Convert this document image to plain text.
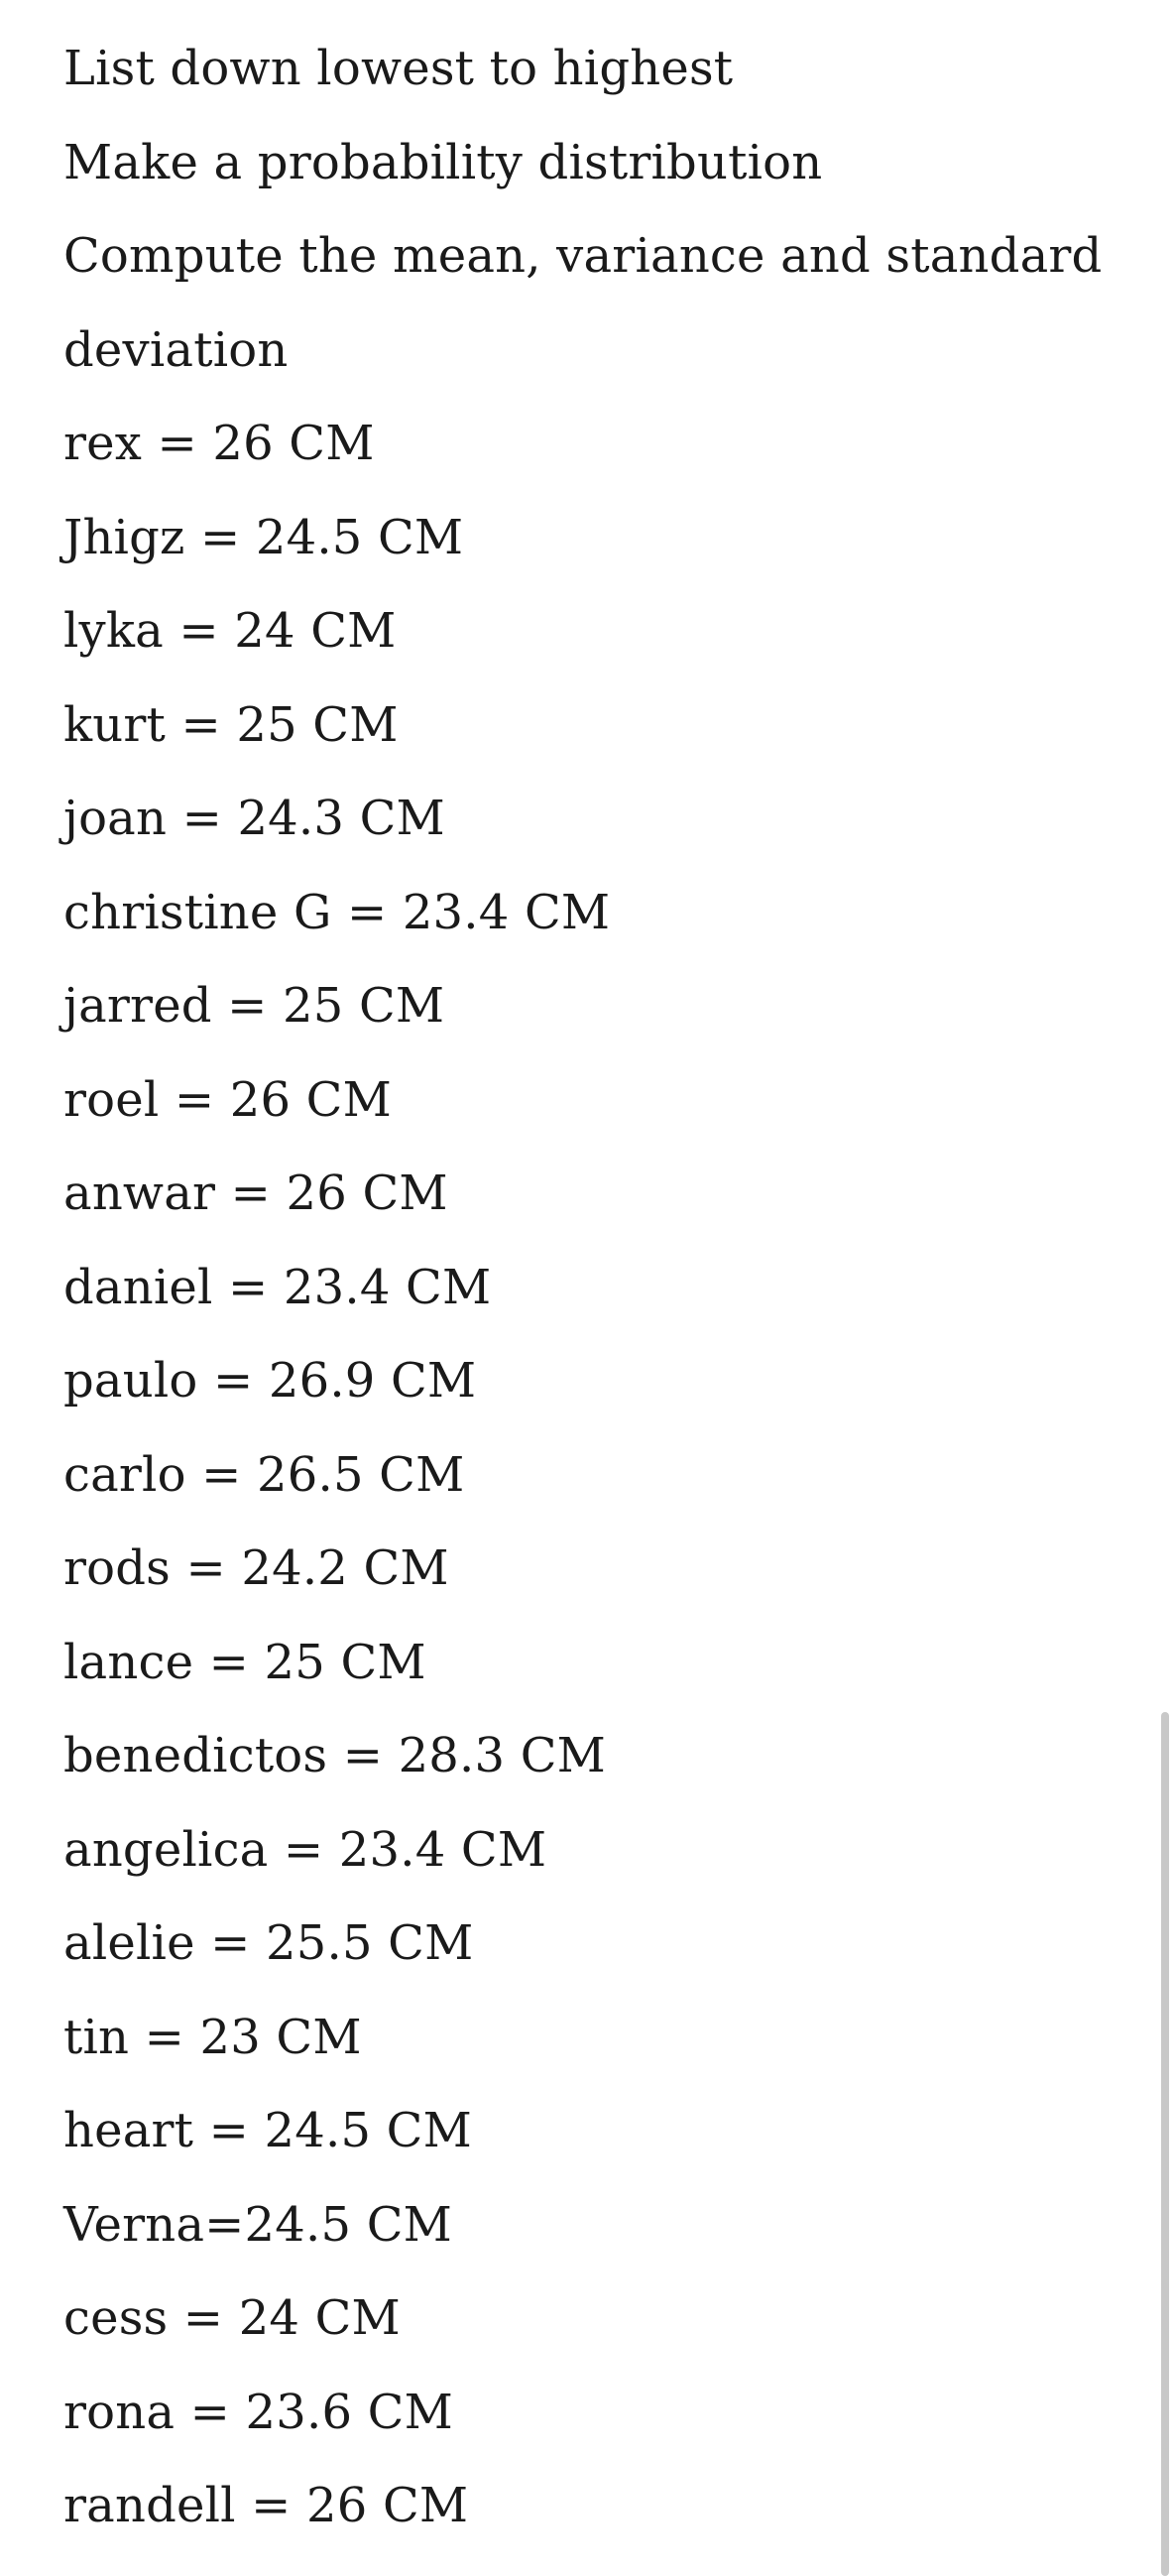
List down lowest to highest
Make a probability distribution
Compute the mean, variance and standard
deviation
rex = 26 CM
Jhigz = 24.5 CM
lyka = 24 CM
kurt = 25 CM
joan = 24.3 CM
christine G = 23.4 CM
jarred = 25 CM
roel = 26 CM
anwar = 26 CM
daniel = 23.4 CM
paulo = 26.9 CM
carlo = 26.5 CM
rods = 24.2 CM
lance = 25 CM
benedictos = 28.3 CM
angelica = 23.4 CM
alelie = 25.5 CM
tin = 23 CM
heart = 24.5 CM
Verna=24.5 CM
cess = 24 CM
rona = 23.6 CM
randell = 26 CM
